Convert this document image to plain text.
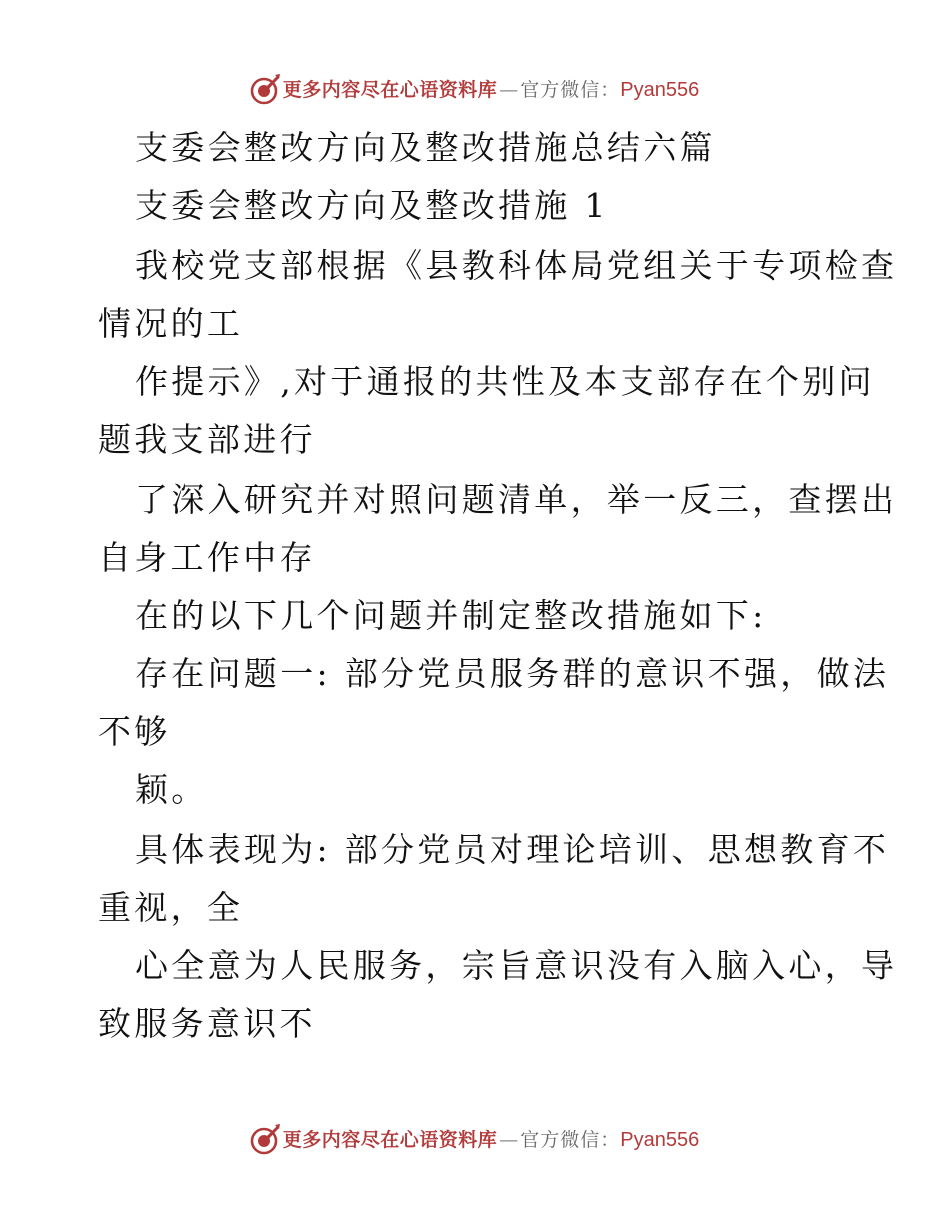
更多内容尽在心语资料库 — 官方微信：Pyan556
支委会整改方向及整改措施总结六篇
支委会整改方向及整改措施 1
我校党支部根据《县教科体局党组关于专项检查
情况的工
作提示》,对于通报的共性及本支部存在个别问
题我支部进行
了深入研究并对照问题清单，举一反三，查摆出
自身工作中存
在的以下几个问题并制定整改措施如下:
存在问题一: 部分党员服务群的意识不强，做法
不够
颖。
具体表现为: 部分党员对理论培训、思想教育不
重视，全
心全意为人民服务，宗旨意识没有入脑入心，导
致服务意识不
更多内容尽在心语资料库 — 官方微信：Pyan556
